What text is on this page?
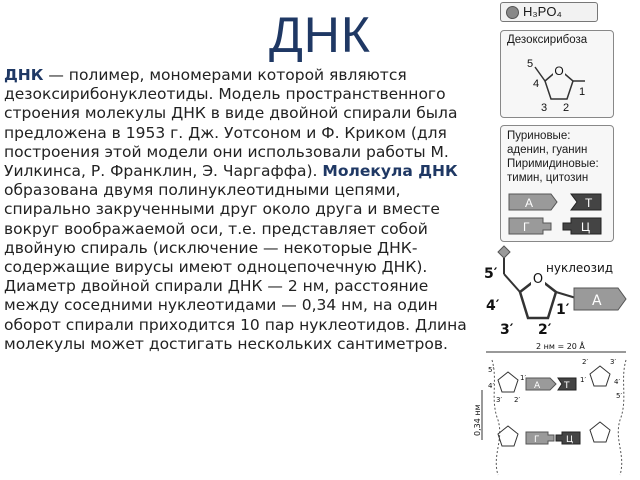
ДНК
ДНК — полимер, мономерами которой являются дезоксирибонуклеотиды. Модель пространственного строения молекулы ДНК в виде двойной спирали была предложена в 1953 г. Дж. Уотсоном и Ф. Криком (для построения этой модели они использовали работы М. Уилкинса, Р. Франклин, Э. Чаргаффа). Молекула ДНК образована двумя полинуклеотидными цепями, спирально закрученными друг около друга и вместе вокруг воображаемой оси, т.е. представляет собой двойную спираль (исключение — некоторые ДНК-содержащие вирусы имеют одноцепочечную ДНК). Диаметр двойной спирали ДНК — 2 нм, расстояние между соседними нуклеотидами — 0,34 нм, на один оборот спирали приходится 10 пар нуклеотидов. Длина молекулы может достигать нескольких сантиметров.
H₃PO₄
Дезоксирибоза
O
5
4
3 2
1
Пуриновые:
аденин, гуанин
Пиримидиновые:
тимин, цитозин
А	Т
Г	Ц
O
А
нуклеозид
5′
4′
3′ 2′
1′
2 нм = 20 Å
0,34 нм
5′
4′
3′ 2′
1′
3′
2′
1′	4′
5′
А	Т
Г	Ц
